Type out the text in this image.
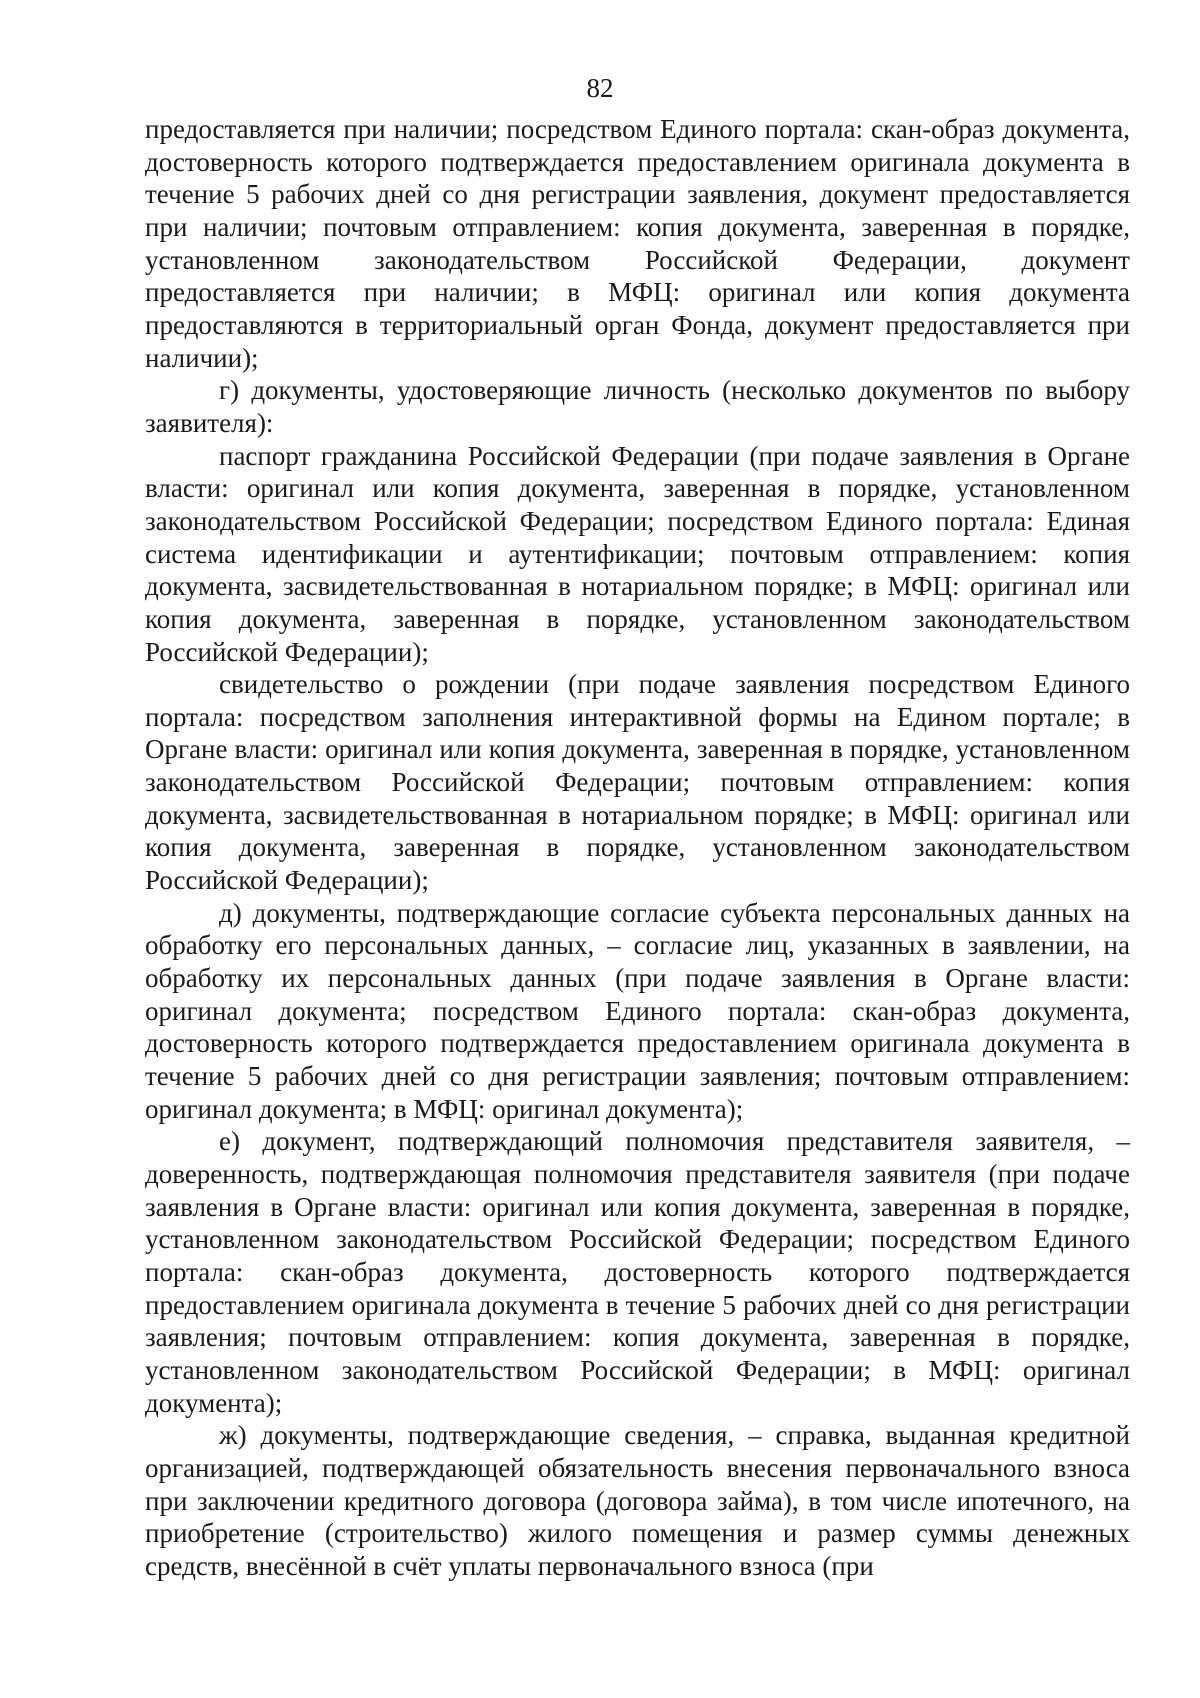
82

предоставляется при наличии; посредством Единого портала: скан-образ документа, достоверность которого подтверждается предоставлением оригинала документа в течение 5 рабочих дней со дня регистрации заявления, документ предоставляется при наличии; почтовым отправлением: копия документа, заверенная в порядке, установленном законодательством Российской Федерации, документ предоставляется при наличии; в МФЦ: оригинал или копия документа предоставляются в территориальный орган Фонда, документ предоставляется при наличии);

г) документы, удостоверяющие личность (несколько документов по выбору заявителя):

паспорт гражданина Российской Федерации (при подаче заявления в Органе власти: оригинал или копия документа, заверенная в порядке, установленном законодательством Российской Федерации; посредством Единого портала: Единая система идентификации и аутентификации; почтовым отправлением: копия документа, засвидетельствованная в нотариальном порядке; в МФЦ: оригинал или копия документа, заверенная в порядке, установленном законодательством Российской Федерации);

свидетельство о рождении (при подаче заявления посредством Единого портала: посредством заполнения интерактивной формы на Едином портале; в Органе власти: оригинал или копия документа, заверенная в порядке, установленном законодательством Российской Федерации; почтовым отправлением: копия документа, засвидетельствованная в нотариальном порядке; в МФЦ: оригинал или копия документа, заверенная в порядке, установленном законодательством Российской Федерации);

д) документы, подтверждающие согласие субъекта персональных данных на обработку его персональных данных, – согласие лиц, указанных в заявлении, на обработку их персональных данных (при подаче заявления в Органе власти: оригинал документа; посредством Единого портала: скан-образ документа, достоверность которого подтверждается предоставлением оригинала документа в течение 5 рабочих дней со дня регистрации заявления; почтовым отправлением: оригинал документа; в МФЦ: оригинал документа);

е) документ, подтверждающий полномочия представителя заявителя, – доверенность, подтверждающая полномочия представителя заявителя (при подаче заявления в Органе власти: оригинал или копия документа, заверенная в порядке, установленном законодательством Российской Федерации; посредством Единого портала: скан-образ документа, достоверность которого подтверждается предоставлением оригинала документа в течение 5 рабочих дней со дня регистрации заявления; почтовым отправлением: копия документа, заверенная в порядке, установленном законодательством Российской Федерации; в МФЦ: оригинал документа);

ж) документы, подтверждающие сведения, – справка, выданная кредитной организацией, подтверждающей обязательность внесения первоначального взноса при заключении кредитного договора (договора займа), в том числе ипотечного, на приобретение (строительство) жилого помещения и размер суммы денежных средств, внесённой в счёт уплаты первоначального взноса (при
